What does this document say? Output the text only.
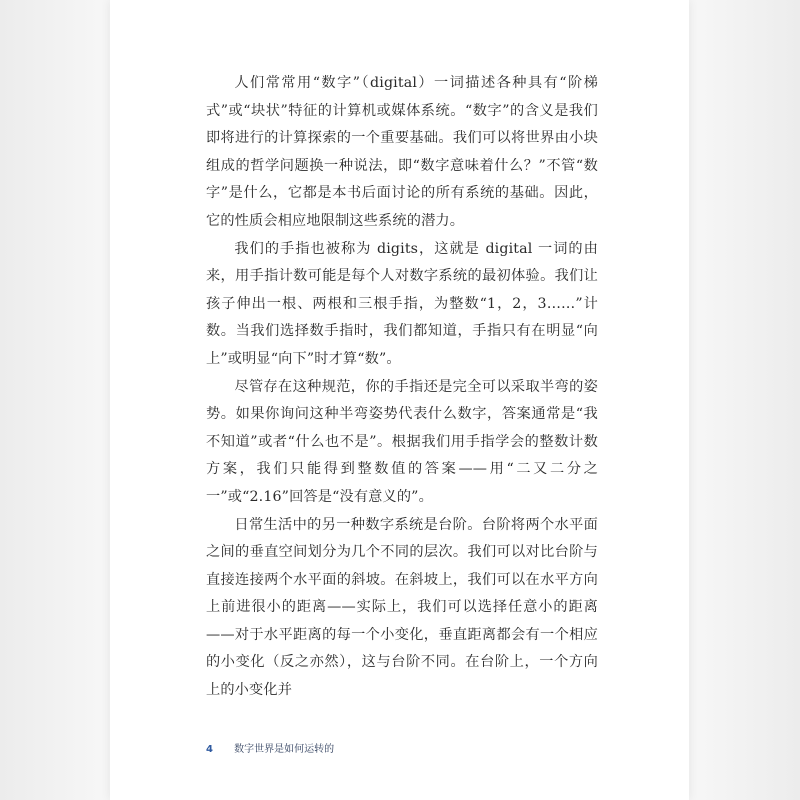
人们常常用“数字”（digital）一词描述各种具有“阶梯式”或“块状”特征的计算机或媒体系统。“数字”的含义是我们即将进行的计算探索的一个重要基础。我们可以将世界由小块组成的哲学问题换一种说法，即“数字意味着什么？”不管“数字”是什么，它都是本书后面讨论的所有系统的基础。因此，它的性质会相应地限制这些系统的潜力。

我们的手指也被称为 digits，这就是 digital 一词的由来，用手指计数可能是每个人对数字系统的最初体验。我们让孩子伸出一根、两根和三根手指，为整数“1，2，3……”计数。当我们选择数手指时，我们都知道，手指只有在明显“向上”或明显“向下”时才算“数”。

尽管存在这种规范，你的手指还是完全可以采取半弯的姿势。如果你询问这种半弯姿势代表什么数字，答案通常是“我不知道”或者“什么也不是”。根据我们用手指学会的整数计数方案，我们只能得到整数值的答案——用“二又二分之一”或“2.16”回答是“没有意义的”。

日常生活中的另一种数字系统是台阶。台阶将两个水平面之间的垂直空间划分为几个不同的层次。我们可以对比台阶与直接连接两个水平面的斜坡。在斜坡上，我们可以在水平方向上前进很小的距离——实际上，我们可以选择任意小的距离——对于水平距离的每一个小变化，垂直距离都会有一个相应的小变化（反之亦然），这与台阶不同。在台阶上，一个方向上的小变化并

4 数字世界是如何运转的
